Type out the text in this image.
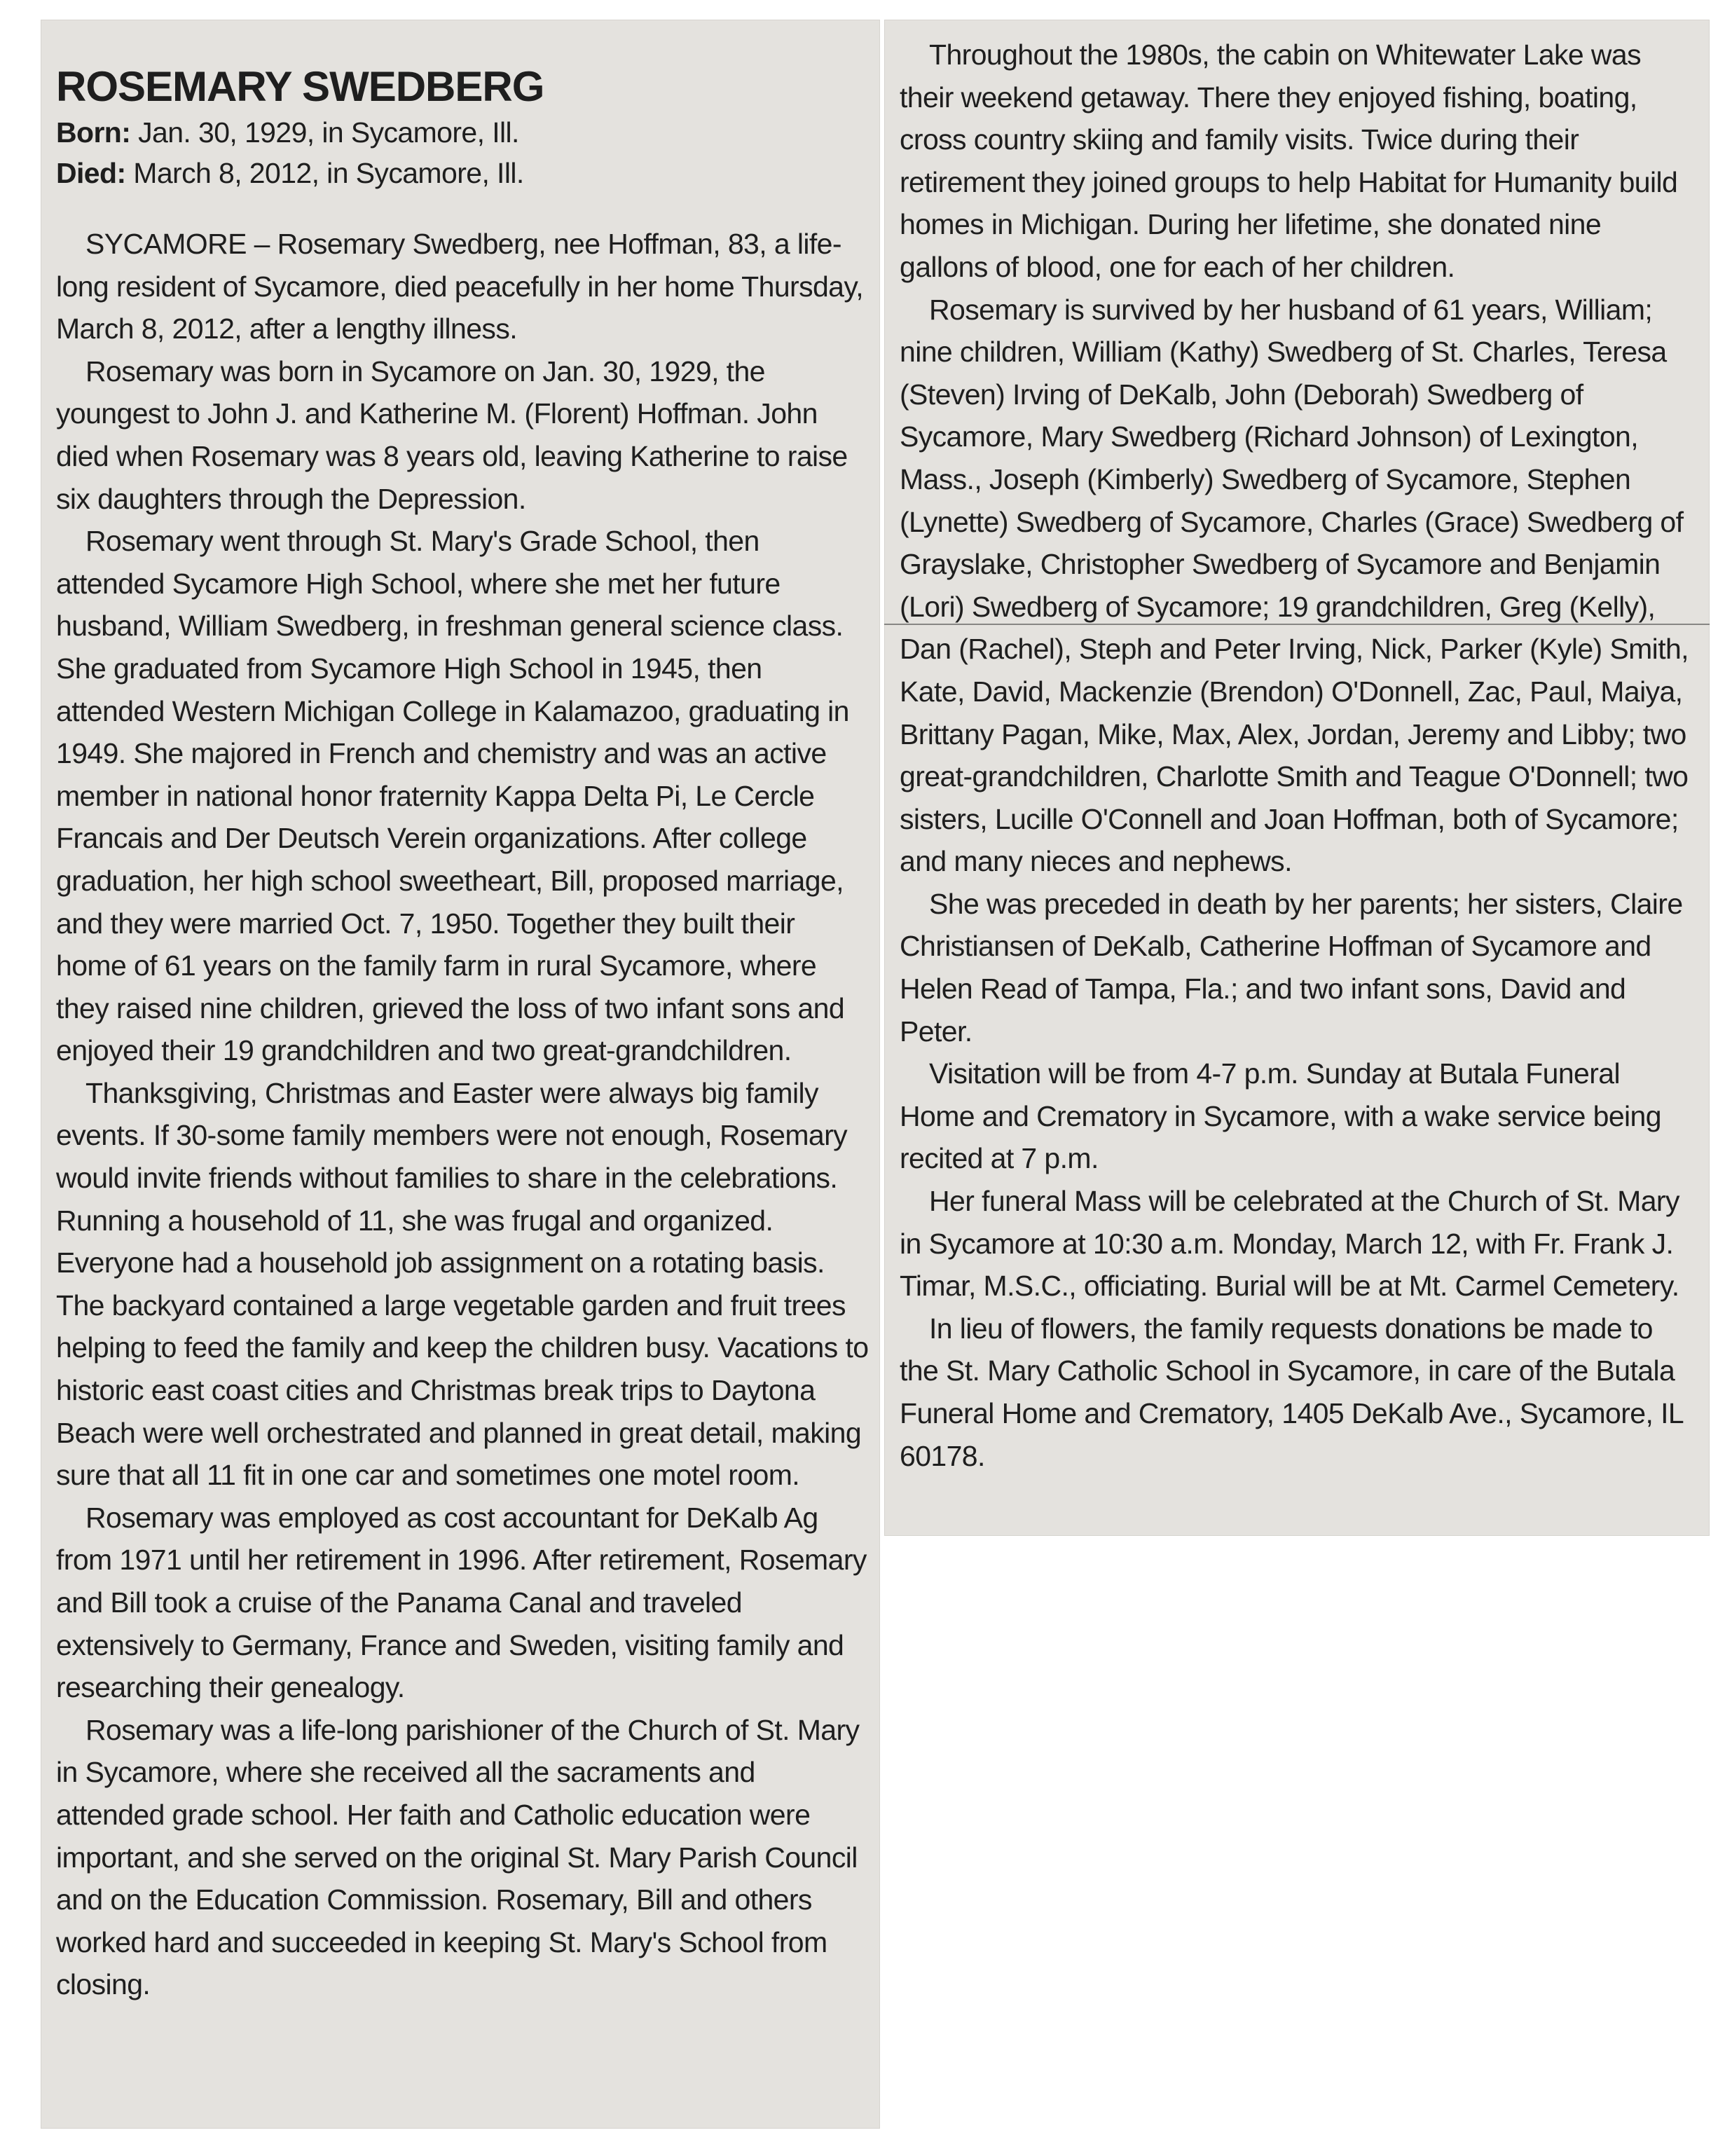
ROSEMARY SWEDBERG
Born: Jan. 30, 1929, in Sycamore, Ill.
Died: March 8, 2012, in Sycamore, Ill.

SYCAMORE – Rosemary Swedberg, nee Hoffman, 83, a life-long resident of Sycamore, died peacefully in her home Thursday, March 8, 2012, after a lengthy illness.

Rosemary was born in Sycamore on Jan. 30, 1929, the youngest to John J. and Katherine M. (Florent) Hoffman. John died when Rosemary was 8 years old, leaving Katherine to raise six daughters through the Depression.

Rosemary went through St. Mary's Grade School, then attended Sycamore High School, where she met her future husband, William Swedberg, in freshman general science class. She graduated from Sycamore High School in 1945, then attended Western Michigan College in Kalamazoo, graduating in 1949. She majored in French and chemistry and was an active member in national honor fraternity Kappa Delta Pi, Le Cercle Francais and Der Deutsch Verein organizations. After college graduation, her high school sweetheart, Bill, proposed marriage, and they were married Oct. 7, 1950. Together they built their home of 61 years on the family farm in rural Sycamore, where they raised nine children, grieved the loss of two infant sons and enjoyed their 19 grandchildren and two great-grandchildren.

Thanksgiving, Christmas and Easter were always big family events. If 30-some family members were not enough, Rosemary would invite friends without families to share in the celebrations. Running a household of 11, she was frugal and organized. Everyone had a household job assignment on a rotating basis. The backyard contained a large vegetable garden and fruit trees helping to feed the family and keep the children busy. Vacations to historic east coast cities and Christmas break trips to Daytona Beach were well orchestrated and planned in great detail, making sure that all 11 fit in one car and sometimes one motel room.

Rosemary was employed as cost accountant for DeKalb Ag from 1971 until her retirement in 1996. After retirement, Rosemary and Bill took a cruise of the Panama Canal and traveled extensively to Germany, France and Sweden, visiting family and researching their genealogy.

Rosemary was a life-long parishioner of the Church of St. Mary in Sycamore, where she received all the sacraments and attended grade school. Her faith and Catholic education were important, and she served on the original St. Mary Parish Council and on the Education Commission. Rosemary, Bill and others worked hard and succeeded in keeping St. Mary's School from closing.

Throughout the 1980s, the cabin on Whitewater Lake was their weekend getaway. There they enjoyed fishing, boating, cross country skiing and family visits. Twice during their retirement they joined groups to help Habitat for Humanity build homes in Michigan. During her lifetime, she donated nine gallons of blood, one for each of her children.

Rosemary is survived by her husband of 61 years, William; nine children, William (Kathy) Swedberg of St. Charles, Teresa (Steven) Irving of DeKalb, John (Deborah) Swedberg of Sycamore, Mary Swedberg (Richard Johnson) of Lexington, Mass., Joseph (Kimberly) Swedberg of Sycamore, Stephen (Lynette) Swedberg of Sycamore, Charles (Grace) Swedberg of Grayslake, Christopher Swedberg of Sycamore and Benjamin (Lori) Swedberg of Sycamore; 19 grandchildren, Greg (Kelly), Dan (Rachel), Steph and Peter Irving, Nick, Parker (Kyle) Smith, Kate, David, Mackenzie (Brendon) O'Donnell, Zac, Paul, Maiya, Brittany Pagan, Mike, Max, Alex, Jordan, Jeremy and Libby; two great-grandchildren, Charlotte Smith and Teague O'Donnell; two sisters, Lucille O'Connell and Joan Hoffman, both of Sycamore; and many nieces and nephews.

She was preceded in death by her parents; her sisters, Claire Christiansen of DeKalb, Catherine Hoffman of Sycamore and Helen Read of Tampa, Fla.; and two infant sons, David and Peter.

Visitation will be from 4-7 p.m. Sunday at Butala Funeral Home and Crematory in Sycamore, with a wake service being recited at 7 p.m.

Her funeral Mass will be celebrated at the Church of St. Mary in Sycamore at 10:30 a.m. Monday, March 12, with Fr. Frank J. Timar, M.S.C., officiating. Burial will be at Mt. Carmel Cemetery.

In lieu of flowers, the family requests donations be made to the St. Mary Catholic School in Sycamore, in care of the Butala Funeral Home and Crematory, 1405 DeKalb Ave., Sycamore, IL 60178.
